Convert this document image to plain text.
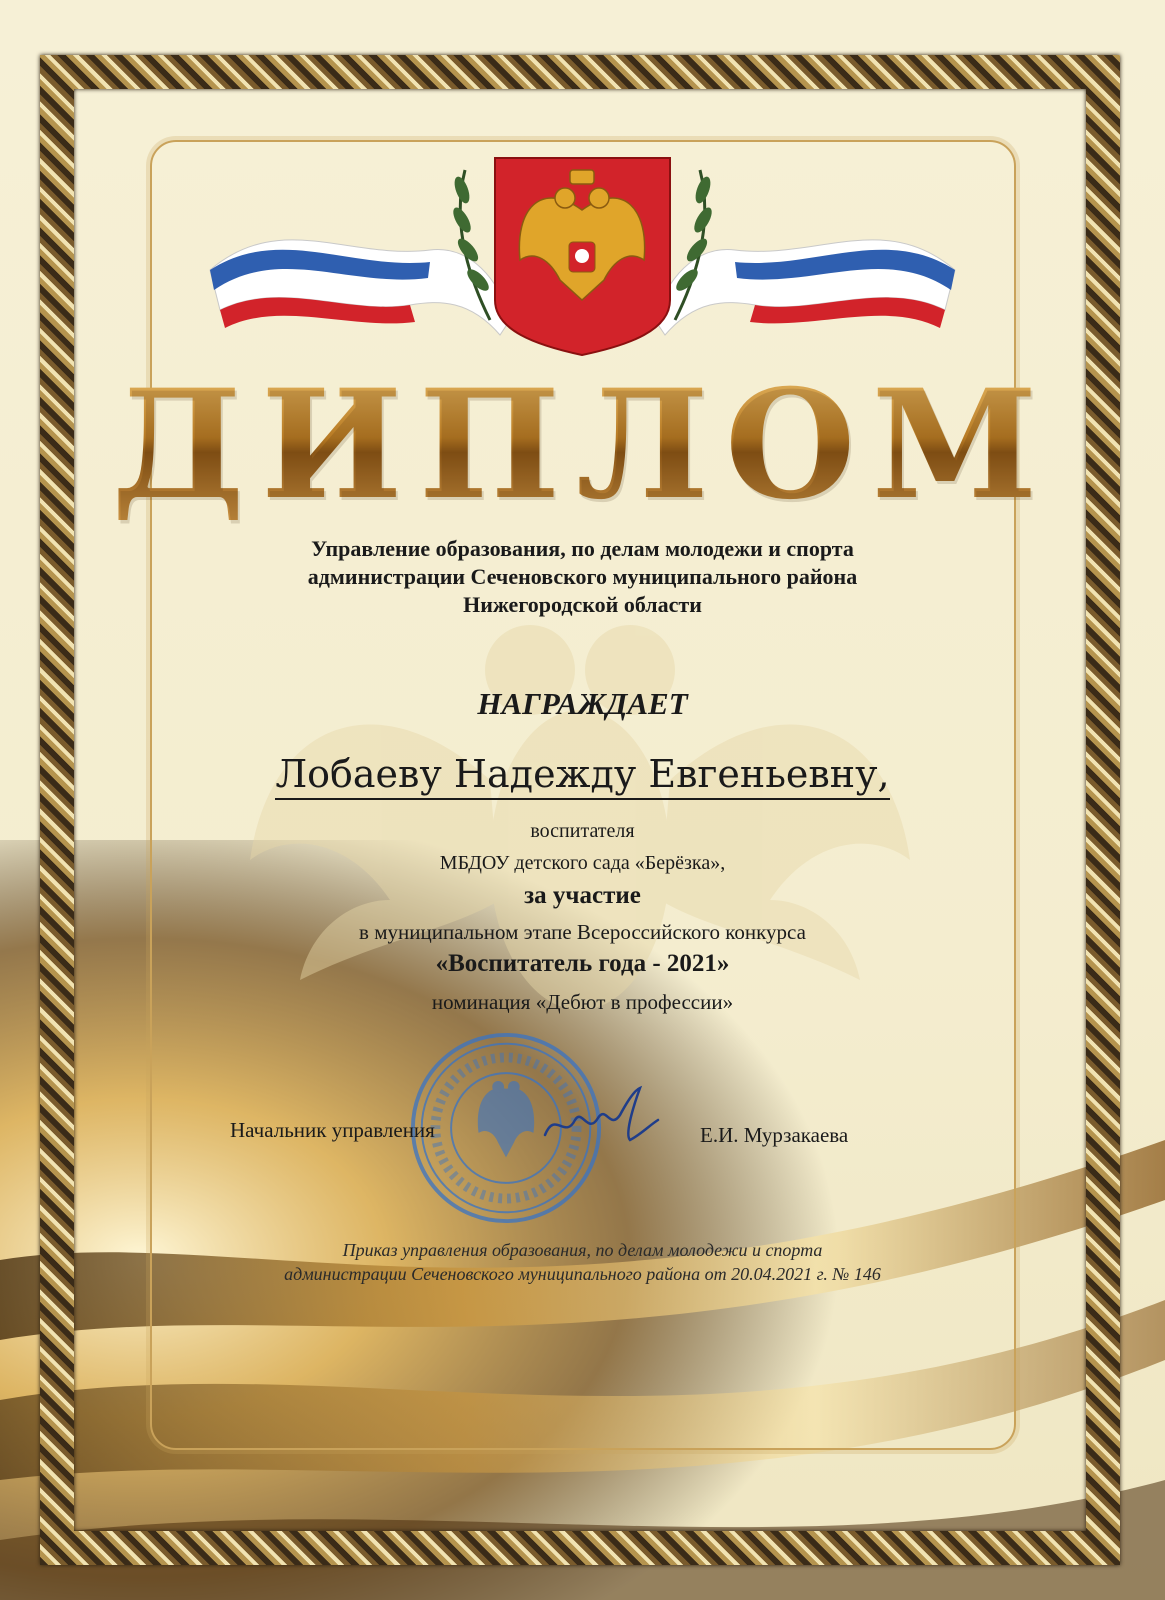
ДИПЛОМ
Управление образования, по делам молодежи и спорта
администрации Сеченовского муниципального района
Нижегородской области
НАГРАЖДАЕТ
Лобаеву Надежду Евгеньевну,
воспитателя
МБДОУ детского сада «Берёзка»,
за участие
в муниципальном этапе Всероссийского конкурса
«Воспитатель года - 2021»
номинация «Дебют в профессии»
Начальник управления	Е.И. Мурзакаева
Приказ управления образования, по делам молодежи и спорта
администрации Сеченовского муниципального района от 20.04.2021 г. № 146
